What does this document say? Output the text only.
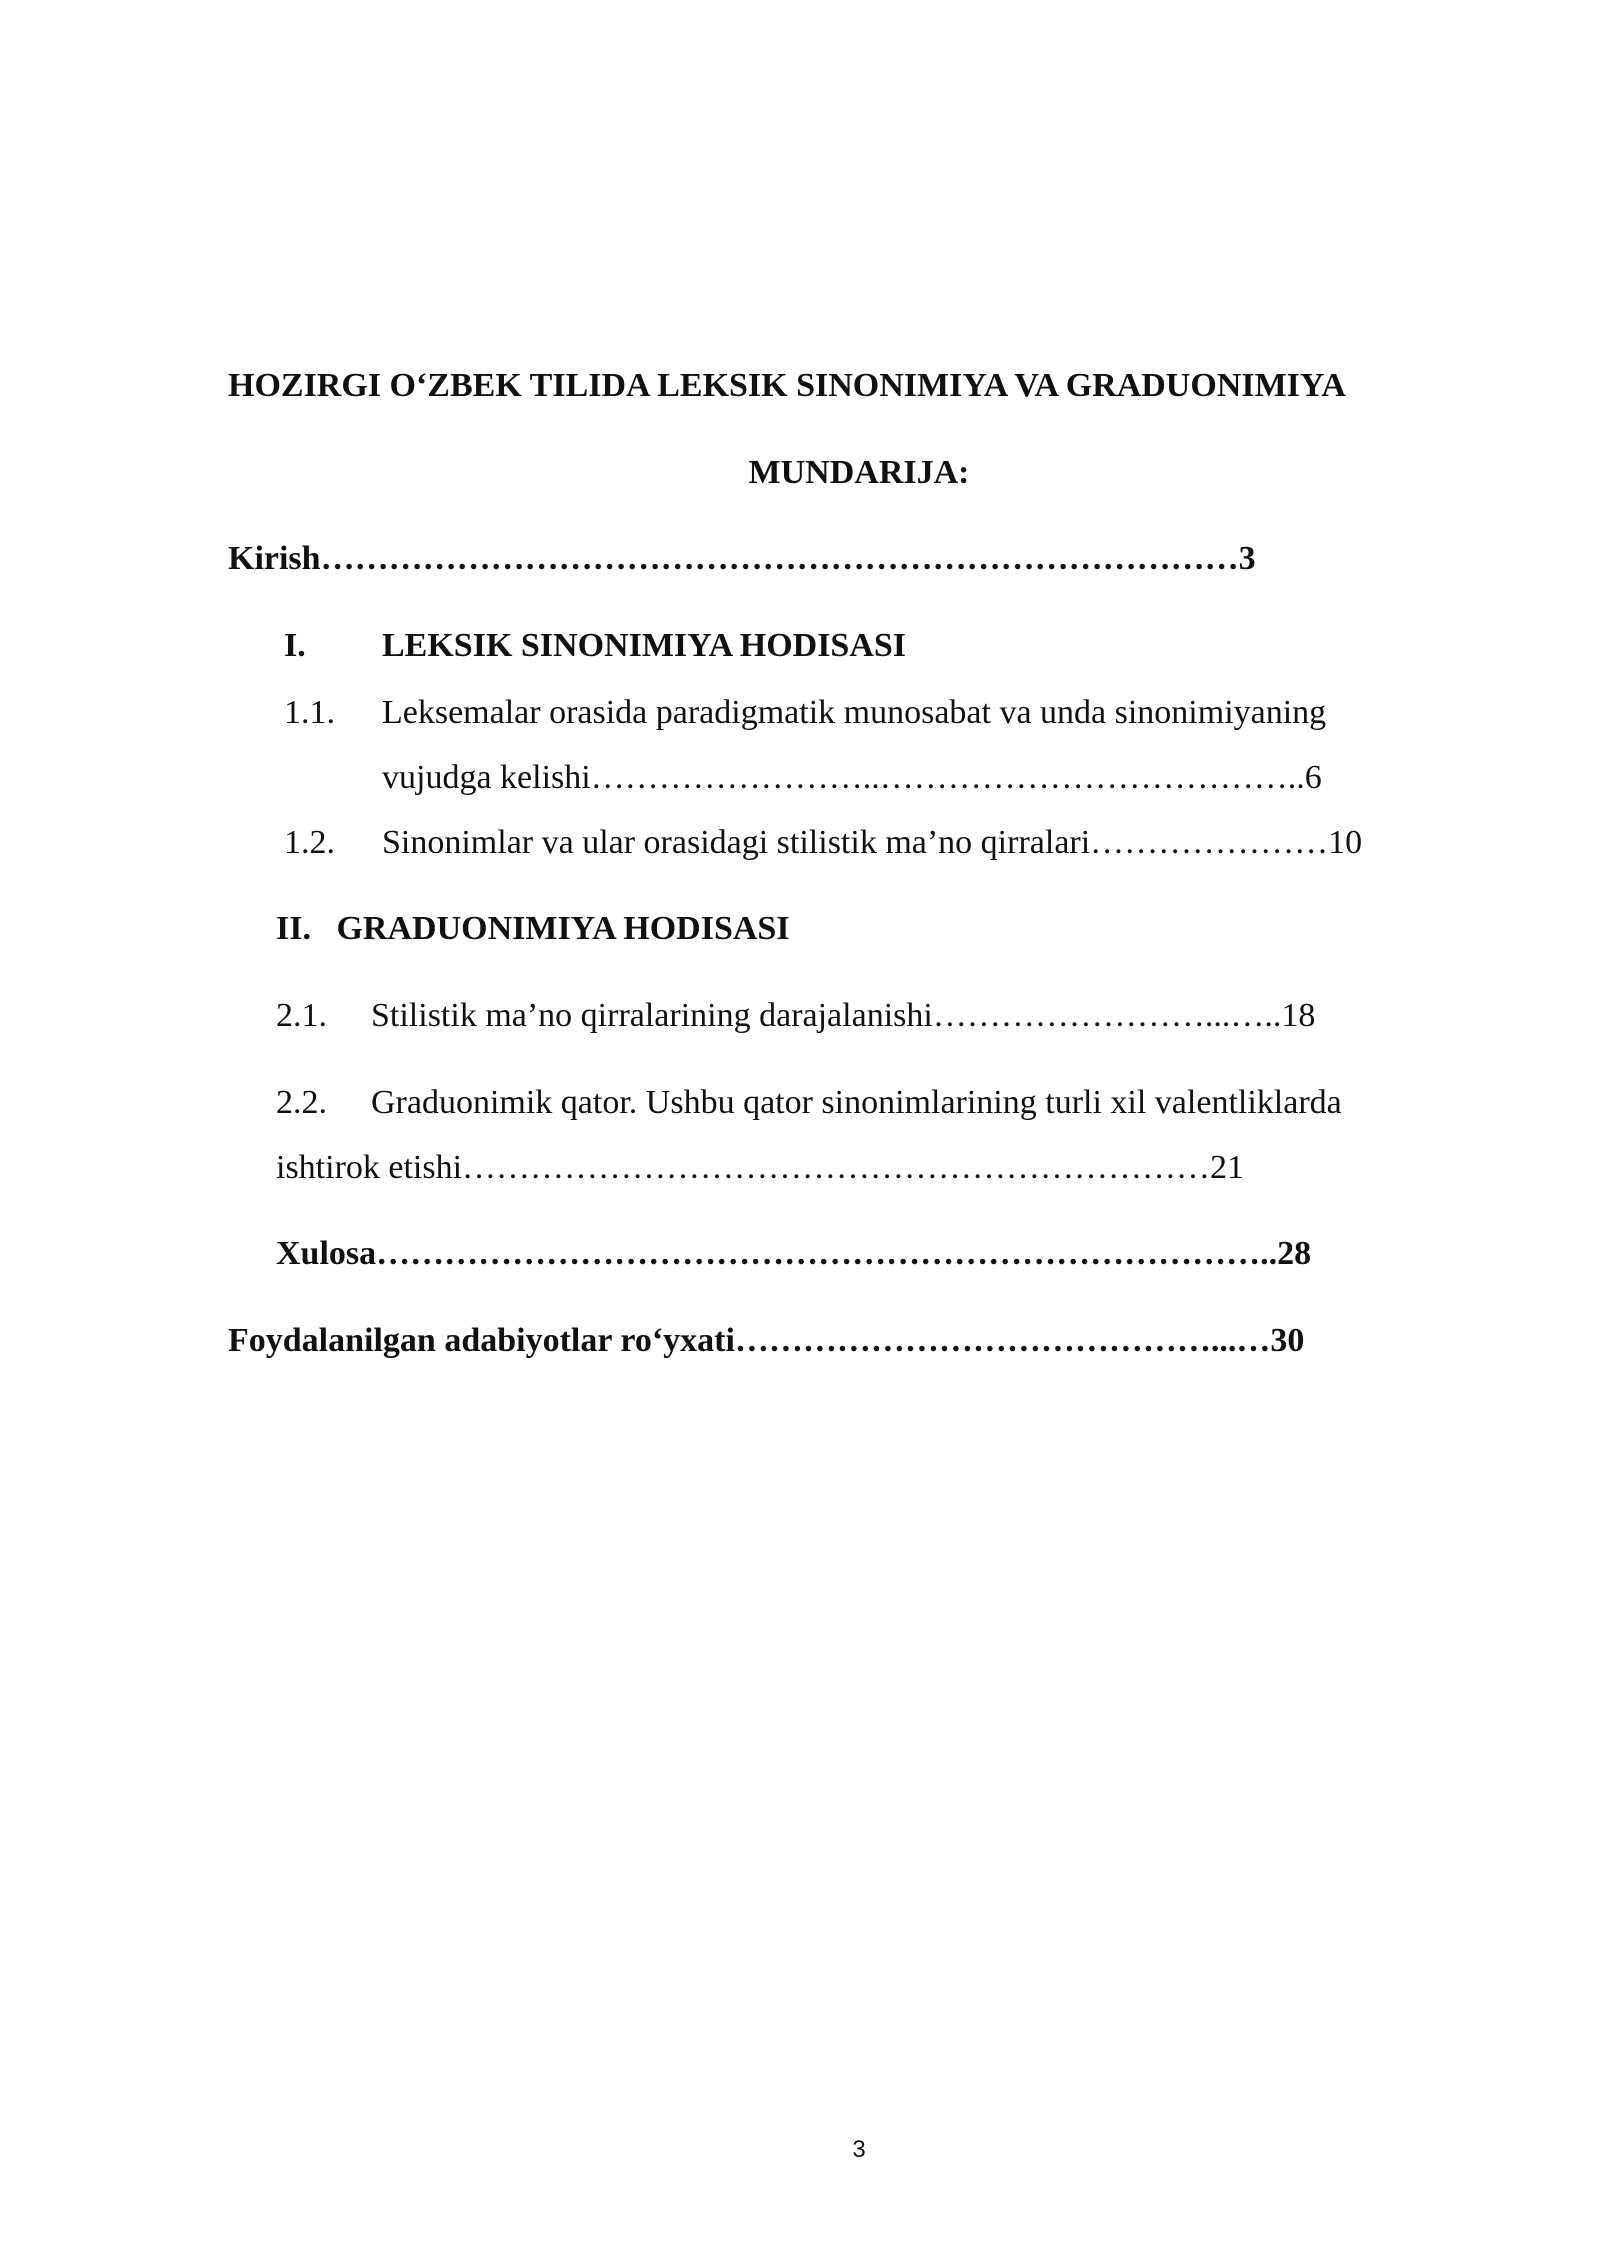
HOZIRGI O‘ZBEK TILIDA LEKSIK SINONIMIYA VA GRADUONIMIYA
MUNDARIJA:
Kirish………………………………………………………………………3
I. LEKSIK SINONIMIYA HODISASI
1.1. Leksemalar orasida paradigmatik munosabat va unda sinonimiyaning
vujudga kelishi……………………..………………………………..6
1.2. Sinonimlar va ular orasidagi stilistik ma’no qirralari…………………10
II.   GRADUONIMIYA HODISASI
2.1. Stilistik ma’no qirralarining darajalanishi……………………...…..18
2.2. Graduonimik qator. Ushbu qator sinonimlarining turli xil valentliklarda
ishtirok etishi…………………………………………………………21
Xulosa……………………………………………………………………..28
Foydalanilgan adabiyotlar ro‘yxati……………………………………...…30
3
